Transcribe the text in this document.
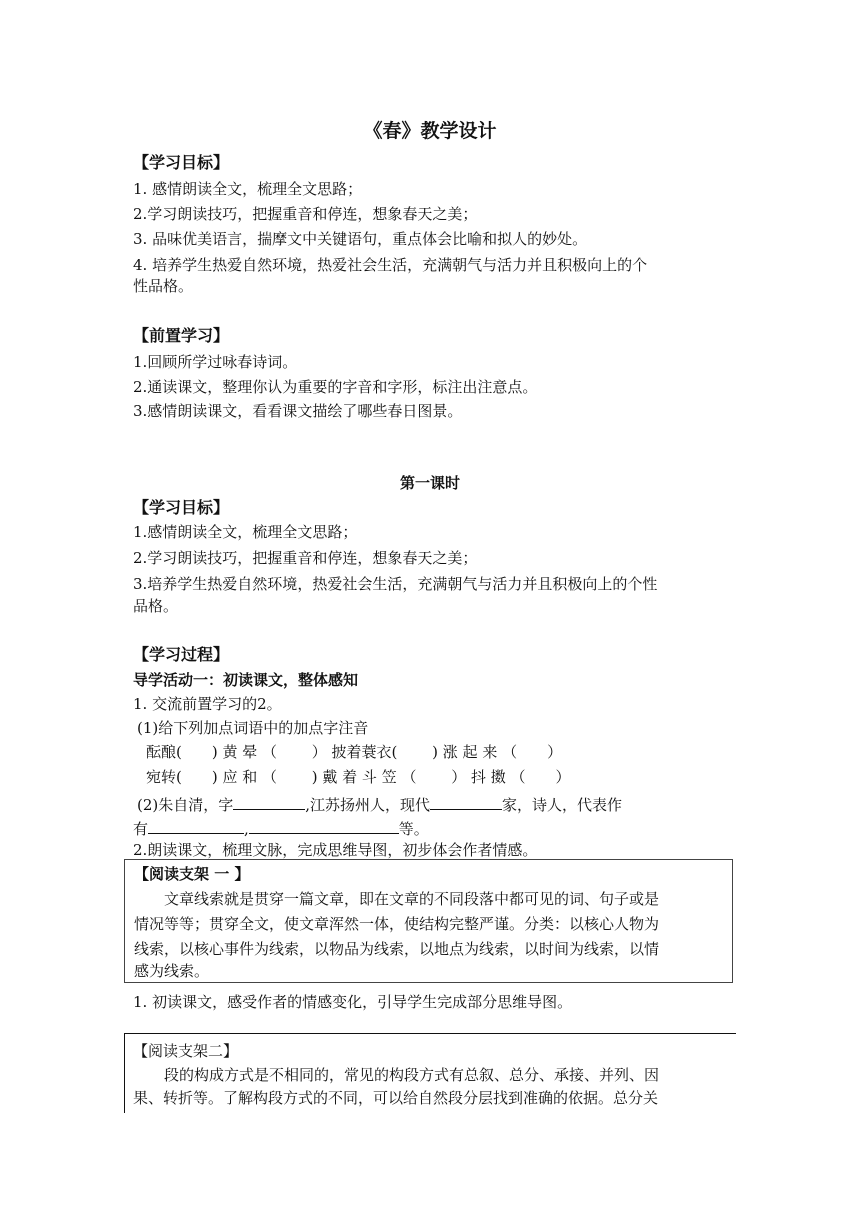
《春》教学设计
【学习目标】
1. 感情朗读全文，梳理全文思路；
2.学习朗读技巧，把握重音和停连，想象春天之美；
3. 品味优美语言，揣摩文中关键语句，重点体会比喻和拟人的妙处。
4. 培养学生热爱自然环境，热爱社会生活，充满朝气与活力并且积极向上的个
性品格。
【前置学习】
1.回顾所学过咏春诗词。
2.通读课文，整理你认为重要的字音和字形，标注出注意点。
3.感情朗读课文，看看课文描绘了哪些春日图景。
第一课时
【学习目标】
1.感情朗读全文，梳理全文思路；
2.学习朗读技巧，把握重音和停连，想象春天之美；
3.培养学生热爱自然环境，热爱社会生活，充满朝气与活力并且积极向上的个性
品格。
【学习过程】
导学活动一：初读课文，整体感知
1. 交流前置学习的2。
(1)给下列加点词语中的加点字注音
酝酿(　　) 黄 晕 （　　 ） 披着蓑衣(　　 ) 涨 起 来 （　　）
宛转(　　) 应 和 （　　 ) 戴 着 斗 笠 （　　 ） 抖 擞 （　　）
(2)朱自清，字	,江苏扬州人，现代	家，诗人，代表作
有	,	等。
2.朗读课文，梳理文脉，完成思维导图，初步体会作者情感。
【阅读支架 一 】
文章线索就是贯穿一篇文章，即在文章的不同段落中都可见的词、句子或是
情况等等；贯穿全文，使文章浑然一体，使结构完整严谨。分类：以核心人物为
线索，以核心事件为线索，以物品为线索，以地点为线索，以时间为线索，以情
感为线索。
1. 初读课文，感受作者的情感变化，引导学生完成部分思维导图。
【阅读支架二】
段的构成方式是不相同的，常见的构段方式有总叙、总分、承接、并列、因
果、转折等。了解构段方式的不同，可以给自然段分层找到准确的依据。总分关
